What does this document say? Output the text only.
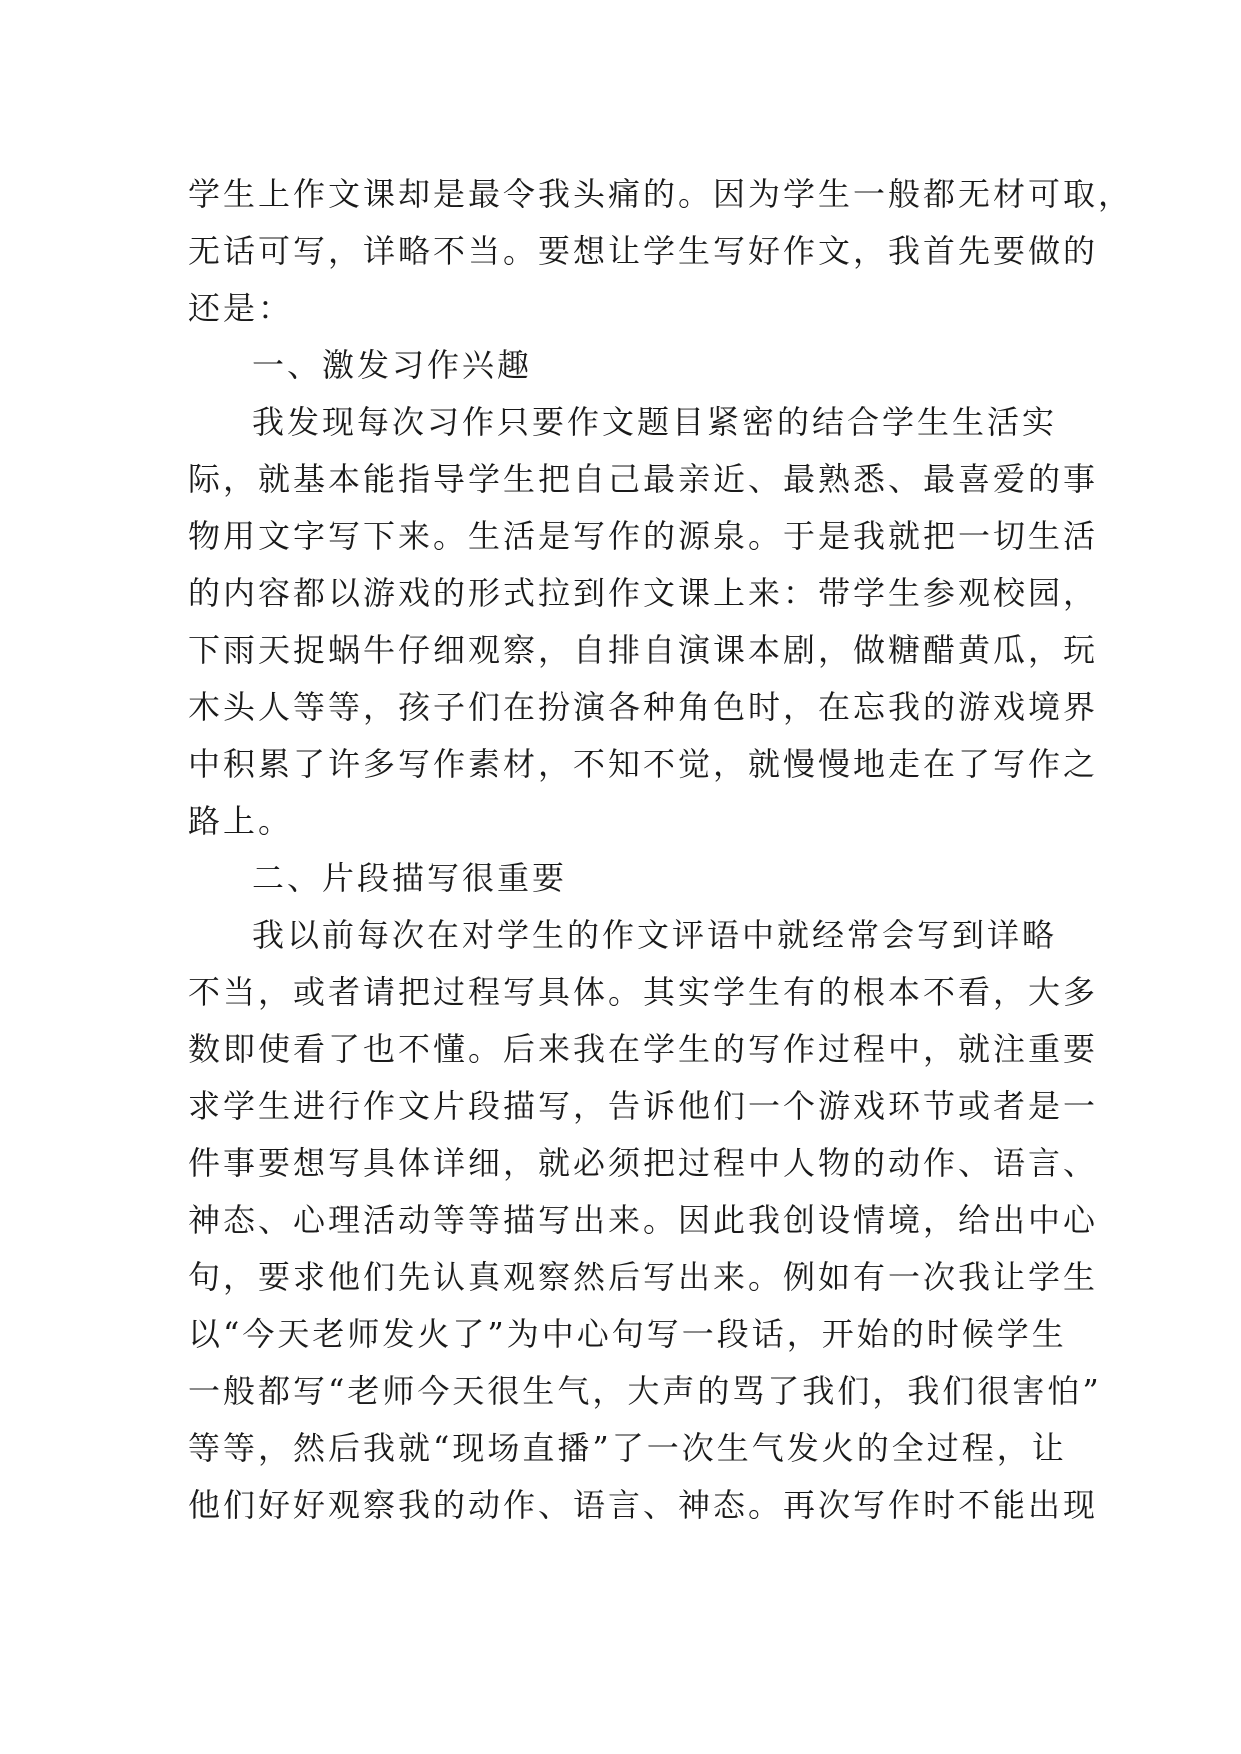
学生上作文课却是最令我头痛的。因为学生一般都无材可取，
无话可写，详略不当。要想让学生写好作文，我首先要做的
还是：
一、激发习作兴趣
我发现每次习作只要作文题目紧密的结合学生生活实
际，就基本能指导学生把自己最亲近、最熟悉、最喜爱的事
物用文字写下来。生活是写作的源泉。于是我就把一切生活
的内容都以游戏的形式拉到作文课上来：带学生参观校园，
下雨天捉蜗牛仔细观察，自排自演课本剧，做糖醋黄瓜，玩
木头人等等，孩子们在扮演各种角色时，在忘我的游戏境界
中积累了许多写作素材，不知不觉，就慢慢地走在了写作之
路上。
二、片段描写很重要
我以前每次在对学生的作文评语中就经常会写到详略
不当，或者请把过程写具体。其实学生有的根本不看，大多
数即使看了也不懂。后来我在学生的写作过程中，就注重要
求学生进行作文片段描写，告诉他们一个游戏环节或者是一
件事要想写具体详细，就必须把过程中人物的动作、语言、
神态、心理活动等等描写出来。因此我创设情境，给出中心
句，要求他们先认真观察然后写出来。例如有一次我让学生
以“今天老师发火了”为中心句写一段话，开始的时候学生
一般都写“老师今天很生气，大声的骂了我们，我们很害怕”
等等，然后我就“现场直播”了一次生气发火的全过程，让
他们好好观察我的动作、语言、神态。再次写作时不能出现
